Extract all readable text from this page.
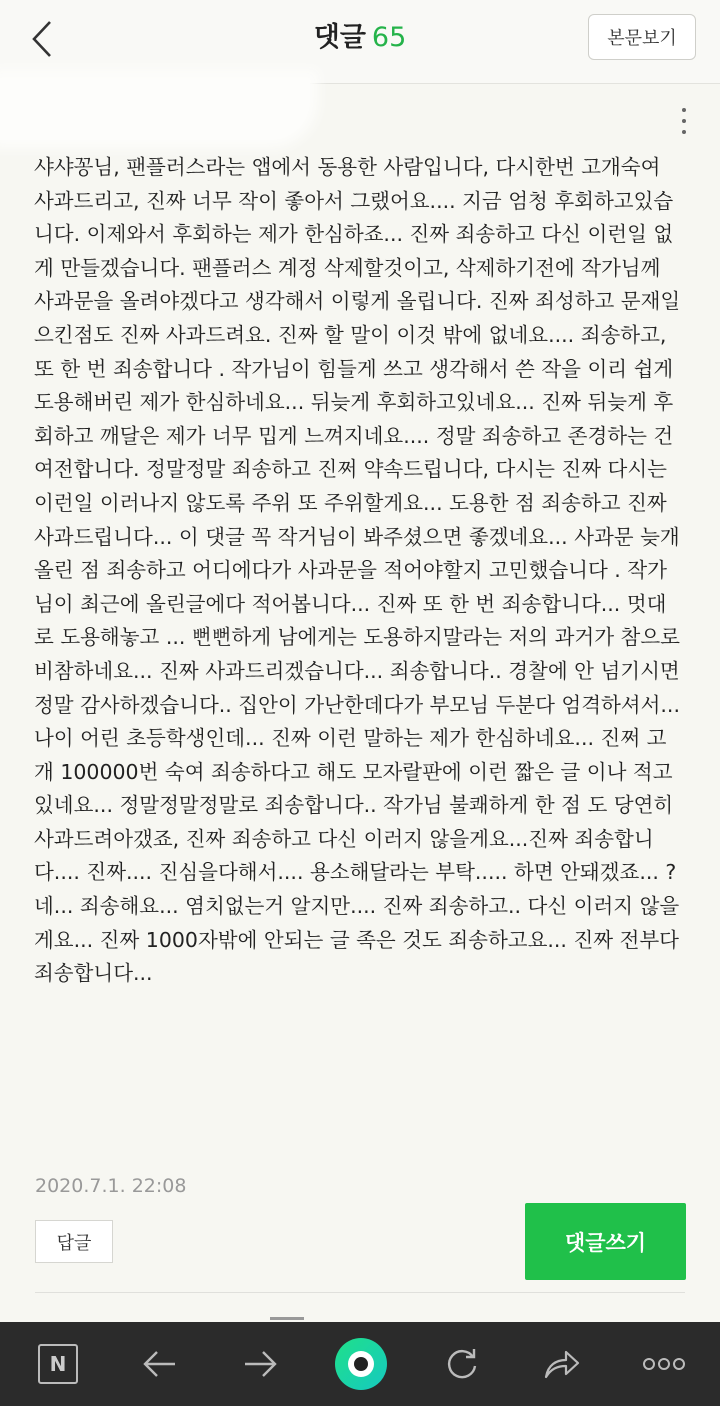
댓글 65	본문보기
샤샤꽁님, 팬플러스라는 앱에서 동용한 사람입니다, 다시한번 고개숙여 사과드리고, 진짜 너무 작이 좋아서 그랬어요.... 지금 엄청 후회하고있습니다. 이제와서 후회하는 제가 한심하죠... 진짜 죄송하고 다신 이런일 없게 만들겠습니다. 팬플러스 계정 삭제할것이고, 삭제하기전에 작가님께 사과문을 올려야겠다고 생각해서 이렇게 올립니다. 진짜 죄성하고 문재일으킨점도 진짜 사과드려요. 진짜 할 말이 이것 밖에 없네요.... 죄송하고, 또 한 번 죄송합니다 . 작가님이 힘들게 쓰고 생각해서 쓴 작을 이리 쉽게 도용해버린 제가 한심하네요... 뒤늦게 후회하고있네요... 진짜 뒤늦게 후회하고 깨달은 제가 너무 밉게 느껴지네요.... 정말 죄송하고 존경하는 건 여전합니다. 정말정말 죄송하고 진쩌 약속드립니다, 다시는 진짜 다시는 이런일 이러나지 않도록 주위 또 주위할게요... 도용한 점 죄송하고 진짜 사과드립니다... 이 댓글 꼭 작거님이 봐주셨으면 좋겠네요... 사과문 늦개 올린 점 죄송하고 어디에다가 사과문을 적어야할지 고민했습니다 . 작가님이 최근에 올린글에다 적어봅니다... 진짜 또 한 번 죄송합니다... 멋대로 도용해놓고 ... 뻔뻔하게 남에게는 도용하지말라는 저의 과거가 참으로 비참하네요... 진짜 사과드리겠습니다... 죄송합니다.. 경찰에 안 넘기시면 정말 감사하겠습니다.. 집안이 가난한데다가 부모님 두분다 엄격하셔서... 나이 어린 초등학생인데... 진짜 이런 말하는 제가 한심하네요... 진쩌 고개 100000번 숙여 죄송하다고 해도 모자랄판에 이런 짧은 글 이나 적고있네요... 정말정말정말로 죄송합니다.. 작가님 불쾌하게 한 점 도 당연히 사과드려아갰죠, 진짜 죄송하고 다신 이러지 않을게요...진짜 죄송합니다.... 진짜.... 진심을다해서.... 용소해달라는 부탁..... 하면 안돼겠죠... ? 네... 죄송해요... 염치없는거 알지만.... 진짜 죄송하고.. 다신 이러지 않을게요... 진짜 1000자밖에 안되는 글 족은 것도 죄송하고요... 진짜 전부다 죄송합니다...
2020.7.1. 22:08
답글	댓글쓰기
N
